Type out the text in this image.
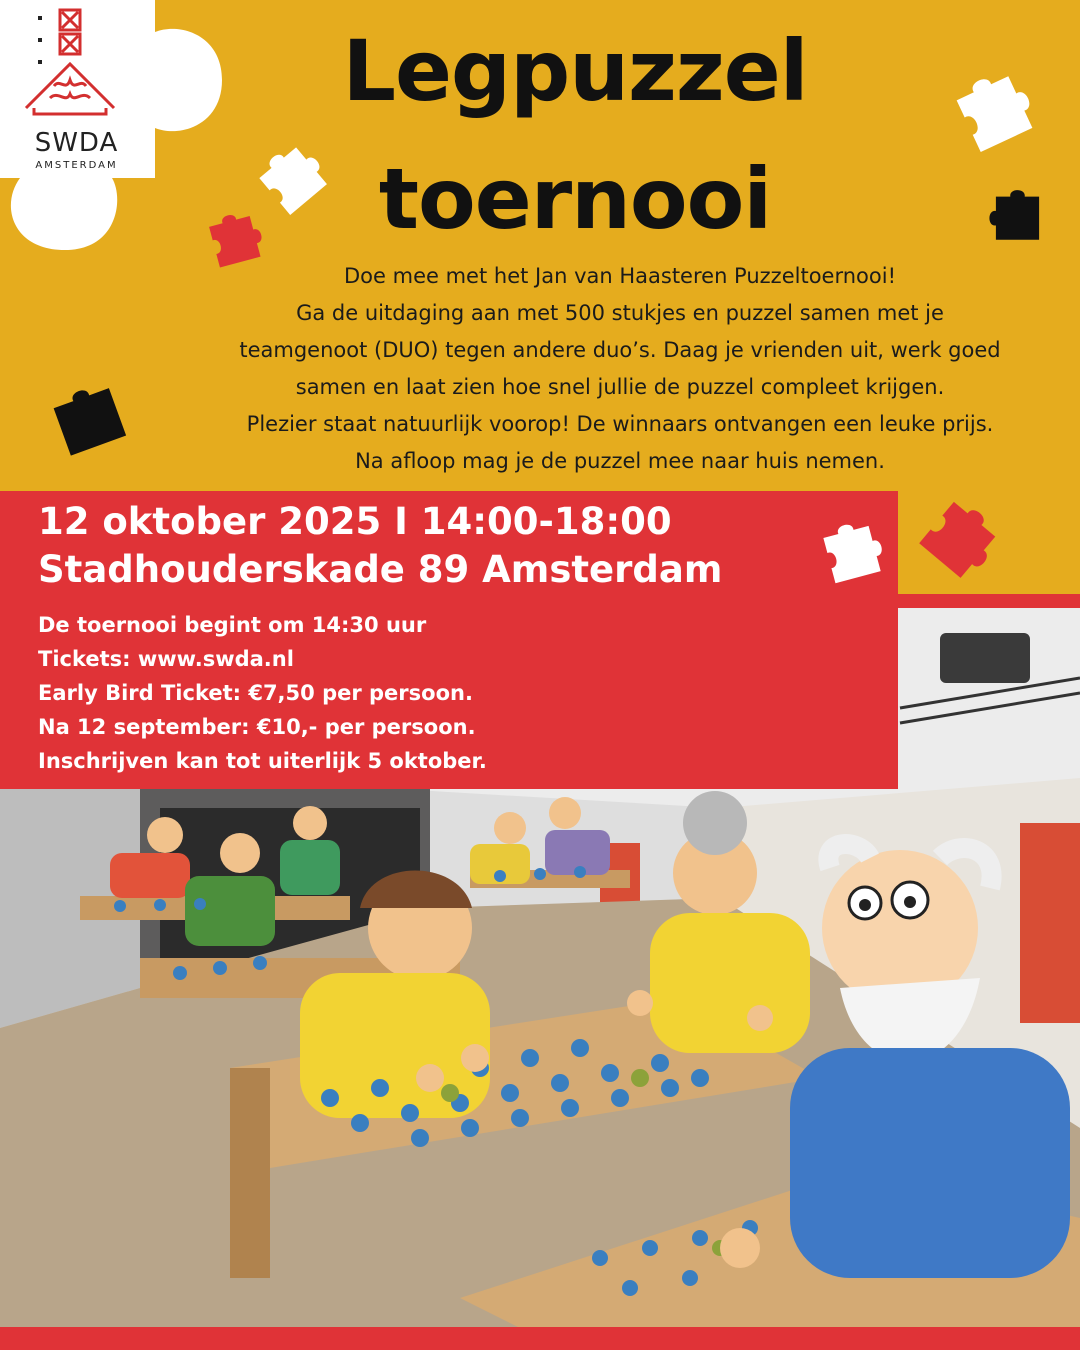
SWDA
AMSTERDAM
Legpuzzel
toernooi
Doe mee met het Jan van Haasteren Puzzeltoernooi!
Ga de uitdaging aan met 500 stukjes en puzzel samen met je
teamgenoot (DUO) tegen andere duo’s. Daag je vrienden uit, werk goed
samen en laat zien hoe snel jullie de puzzel compleet krijgen.
Plezier staat natuurlijk voorop! De winnaars ontvangen een leuke prijs.
Na afloop mag je de puzzel mee naar huis nemen.
12 oktober 2025 I 14:00-18:00
Stadhouderskade 89 Amsterdam
De toernooi begint om 14:30 uur
Tickets: www.swda.nl
Early Bird Ticket: €7,50 per persoon.
Na 12 september: €10,- per persoon.
Inschrijven kan tot uiterlijk 5 oktober.
